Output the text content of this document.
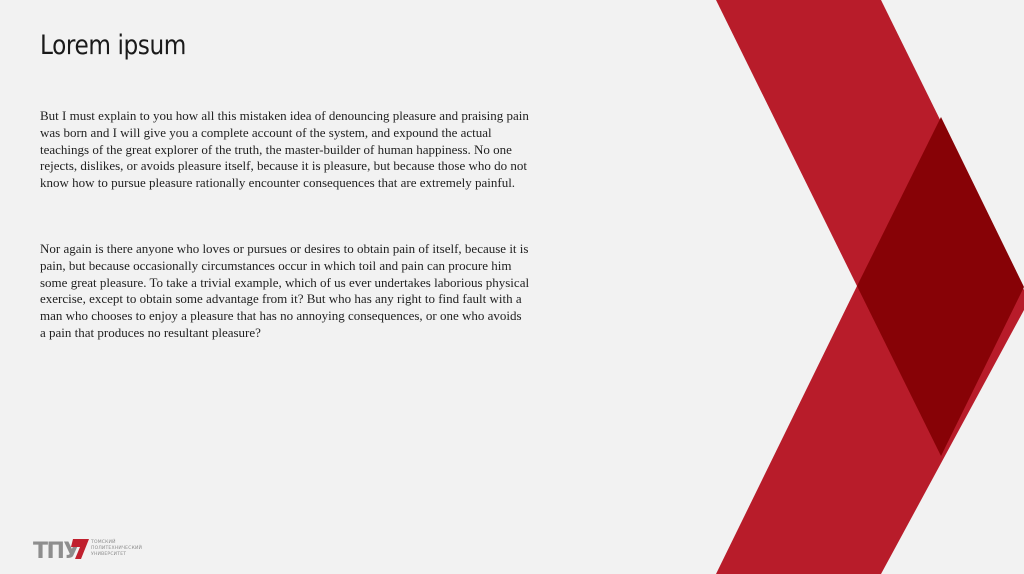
Lorem ipsum

But I must explain to you how all this mistaken idea of denouncing pleasure and praising pain was born and I will give you a complete account of the system, and expound the actual teachings of the great explorer of the truth, the master-builder of human happiness. No one rejects, dislikes, or avoids pleasure itself, because it is pleasure, but because those who do not know how to pursue pleasure rationally encounter consequences that are extremely painful.

Nor again is there anyone who loves or pursues or desires to obtain pain of itself, because it is pain, but because occasionally circumstances occur in which toil and pain can procure him some great pleasure. To take a trivial example, which of us ever undertakes laborious physical exercise, except to obtain some advantage from it? But who has any right to find fault with a man who chooses to enjoy a pleasure that has no annoying consequences, or one who avoids a pain that produces no resultant pleasure?

ТПУ	ТОМСКИЙ
ПОЛИТЕХНИЧЕСКИЙ
УНИВЕРСИТЕТ
